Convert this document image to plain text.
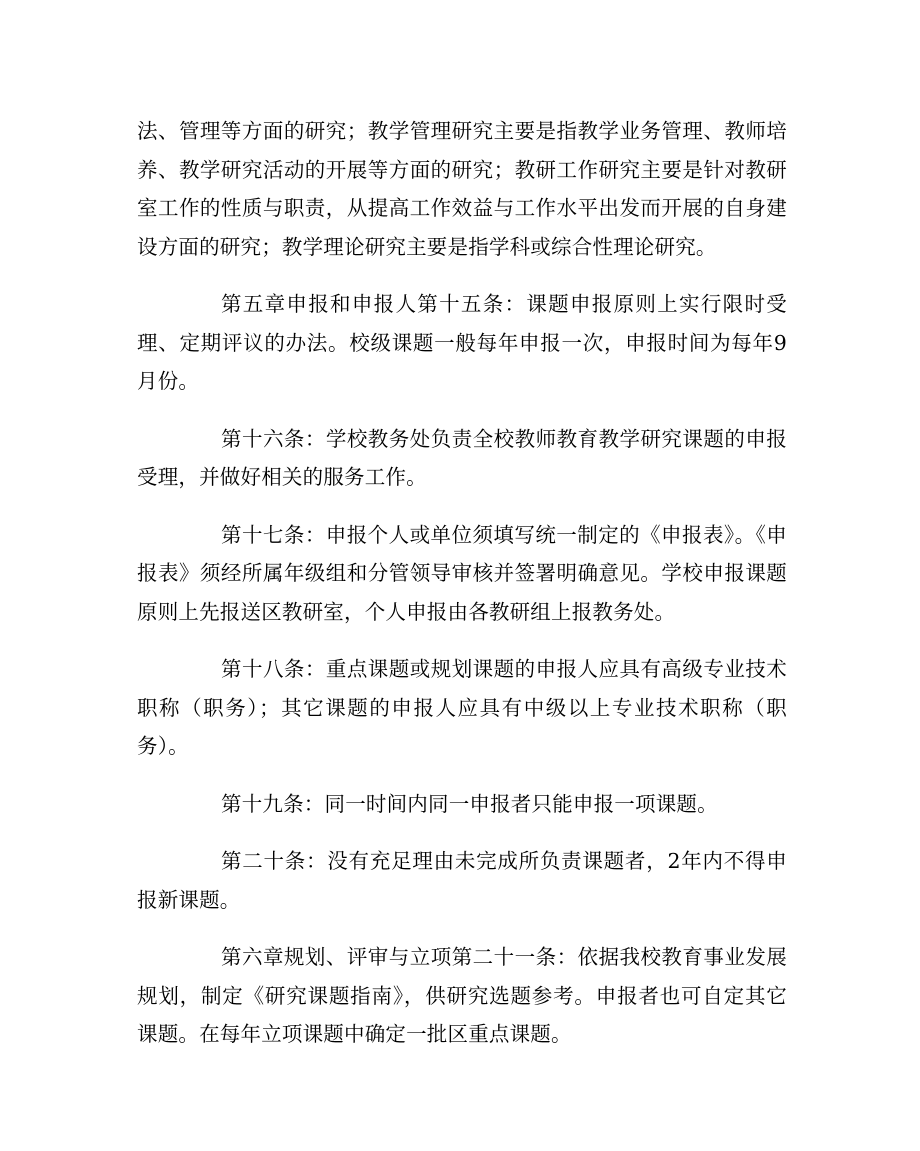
法、管理等方面的研究；教学管理研究主要是指教学业务管理、教师培养、教学研究活动的开展等方面的研究；教研工作研究主要是针对教研室工作的性质与职责，从提高工作效益与工作水平出发而开展的自身建设方面的研究；教学理论研究主要是指学科或综合性理论研究。

第五章申报和申报人第十五条：课题申报原则上实行限时受理、定期评议的办法。校级课题一般每年申报一次，申报时间为每年9月份。

第十六条：学校教务处负责全校教师教育教学研究课题的申报受理，并做好相关的服务工作。

第十七条：申报个人或单位须填写统一制定的《申报表》。《申报表》须经所属年级组和分管领导审核并签署明确意见。学校申报课题原则上先报送区教研室，个人申报由各教研组上报教务处。

第十八条：重点课题或规划课题的申报人应具有高级专业技术职称（职务）；其它课题的申报人应具有中级以上专业技术职称（职务）。

第十九条：同一时间内同一申报者只能申报一项课题。

第二十条：没有充足理由未完成所负责课题者，2年内不得申报新课题。

第六章规划、评审与立项第二十一条：依据我校教育事业发展规划，制定《研究课题指南》，供研究选题参考。申报者也可自定其它课题。在每年立项课题中确定一批区重点课题。
